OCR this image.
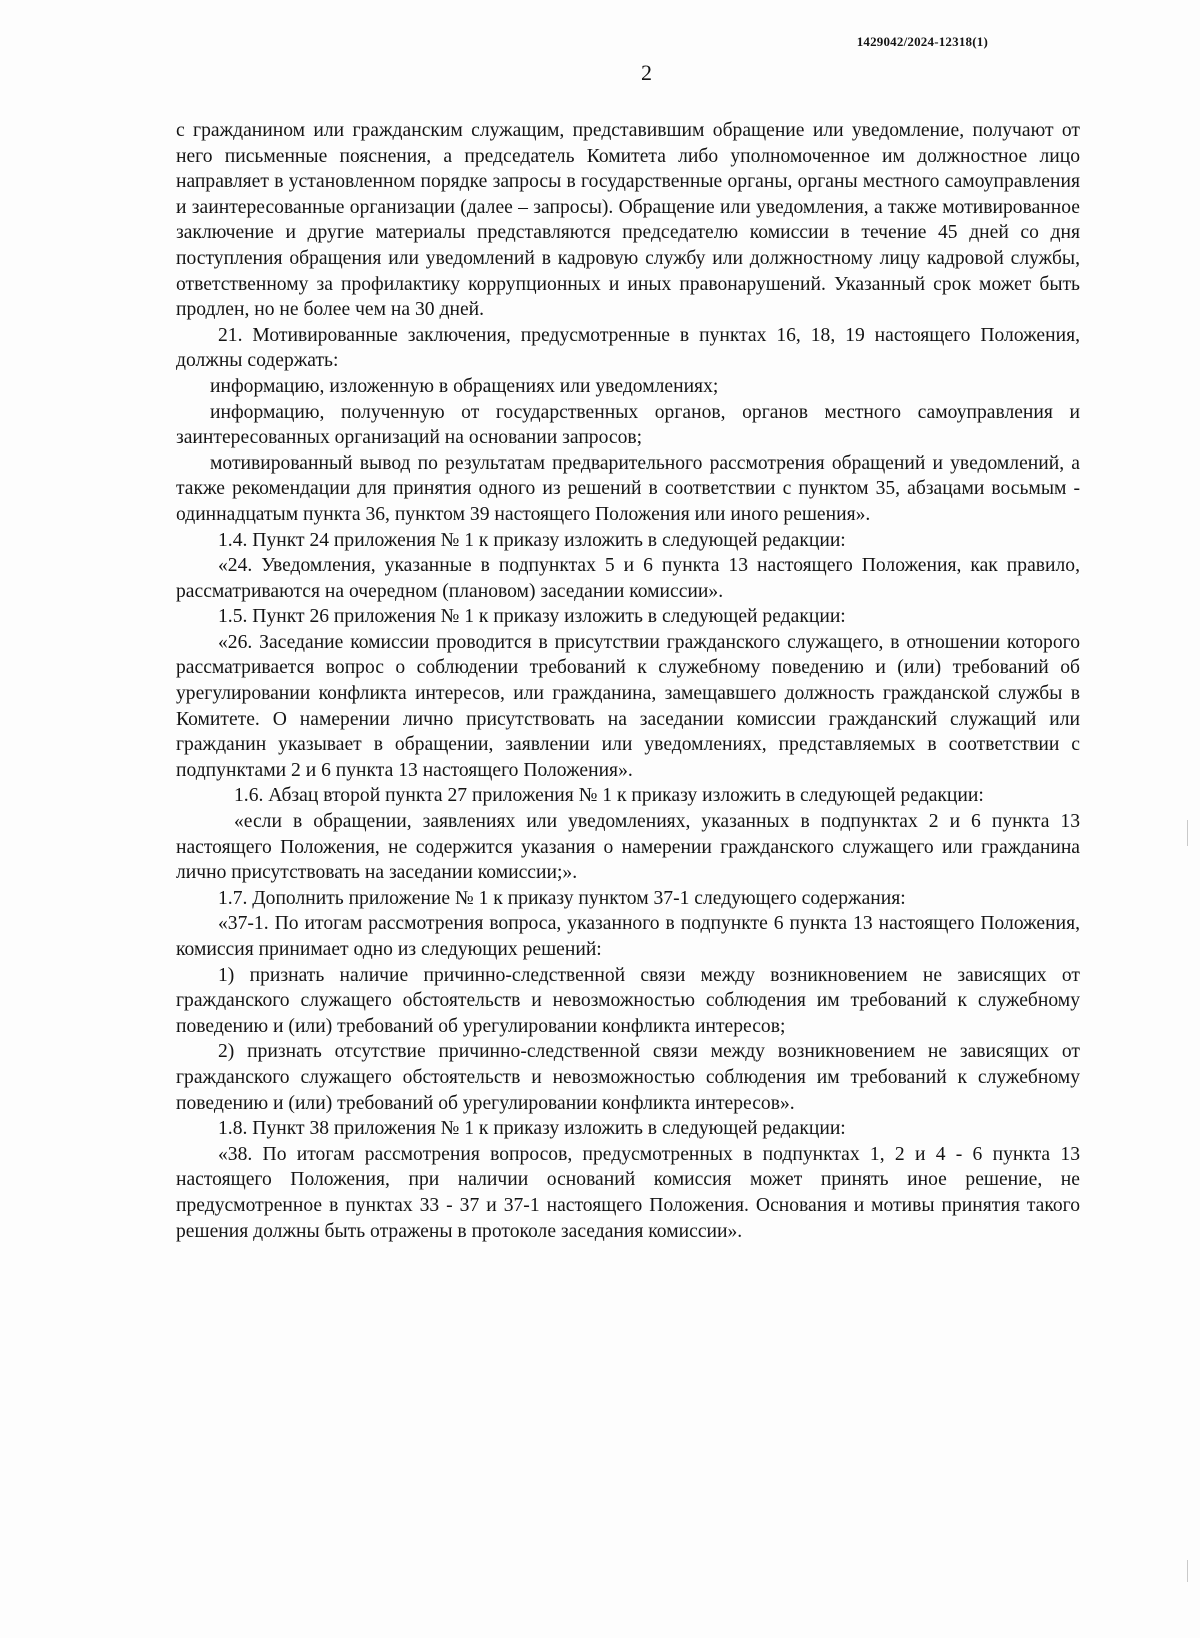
1429042/2024-12318(1)
2

с гражданином или гражданским служащим, представившим обращение или уведомление, получают от него письменные пояснения, а председатель Комитета либо уполномоченное им должностное лицо направляет в установленном порядке запросы в государственные органы, органы местного самоуправления и заинтересованные организации (далее – запросы). Обращение или уведомления, а также мотивированное заключение и другие материалы представляются председателю комиссии в течение 45 дней со дня поступления обращения или уведомлений в кадровую службу или должностному лицу кадровой службы, ответственному за профилактику коррупционных и иных правонарушений. Указанный срок может быть продлен, но не более чем на 30 дней.

21. Мотивированные заключения, предусмотренные в пунктах 16, 18, 19 настоящего Положения, должны содержать:

информацию, изложенную в обращениях или уведомлениях;

информацию, полученную от государственных органов, органов местного самоуправления и заинтересованных организаций на основании запросов;

мотивированный вывод по результатам предварительного рассмотрения обращений и уведомлений, а также рекомендации для принятия одного из решений в соответствии с пунктом 35, абзацами восьмым - одиннадцатым пункта 36, пунктом 39 настоящего Положения или иного решения».

1.4. Пункт 24 приложения № 1 к приказу изложить в следующей редакции:

«24. Уведомления, указанные в подпунктах 5 и 6 пункта 13 настоящего Положения, как правило, рассматриваются на очередном (плановом) заседании комиссии».

1.5. Пункт 26 приложения № 1 к приказу изложить в следующей редакции:

«26. Заседание комиссии проводится в присутствии гражданского служащего, в отношении которого рассматривается вопрос о соблюдении требований к служебному поведению и (или) требований об урегулировании конфликта интересов, или гражданина, замещавшего должность гражданской службы в Комитете. О намерении лично присутствовать на заседании комиссии гражданский служащий или гражданин указывает в обращении, заявлении или уведомлениях, представляемых в соответствии с подпунктами 2 и 6 пункта 13 настоящего Положения».

1.6. Абзац второй пункта 27 приложения № 1 к приказу изложить в следующей редакции:

«если в обращении, заявлениях или уведомлениях, указанных в подпунктах 2 и 6 пункта 13 настоящего Положения, не содержится указания о намерении гражданского служащего или гражданина лично присутствовать на заседании комиссии;».

1.7. Дополнить приложение № 1 к приказу пунктом 37-1 следующего содержания:

«37-1. По итогам рассмотрения вопроса, указанного в подпункте 6 пункта 13 настоящего Положения, комиссия принимает одно из следующих решений:

1) признать наличие причинно-следственной связи между возникновением не зависящих от гражданского служащего обстоятельств и невозможностью соблюдения им требований к служебному поведению и (или) требований об урегулировании конфликта интересов;

2) признать отсутствие причинно-следственной связи между возникновением не зависящих от гражданского служащего обстоятельств и невозможностью соблюдения им требований к служебному поведению и (или) требований об урегулировании конфликта интересов».

1.8. Пункт 38 приложения № 1 к приказу изложить в следующей редакции:

«38. По итогам рассмотрения вопросов, предусмотренных в подпунктах 1, 2 и 4 - 6 пункта 13 настоящего Положения, при наличии оснований комиссия может принять иное решение, не предусмотренное в пунктах 33 - 37 и 37-1 настоящего Положения. Основания и мотивы принятия такого решения должны быть отражены в протоколе заседания комиссии».
